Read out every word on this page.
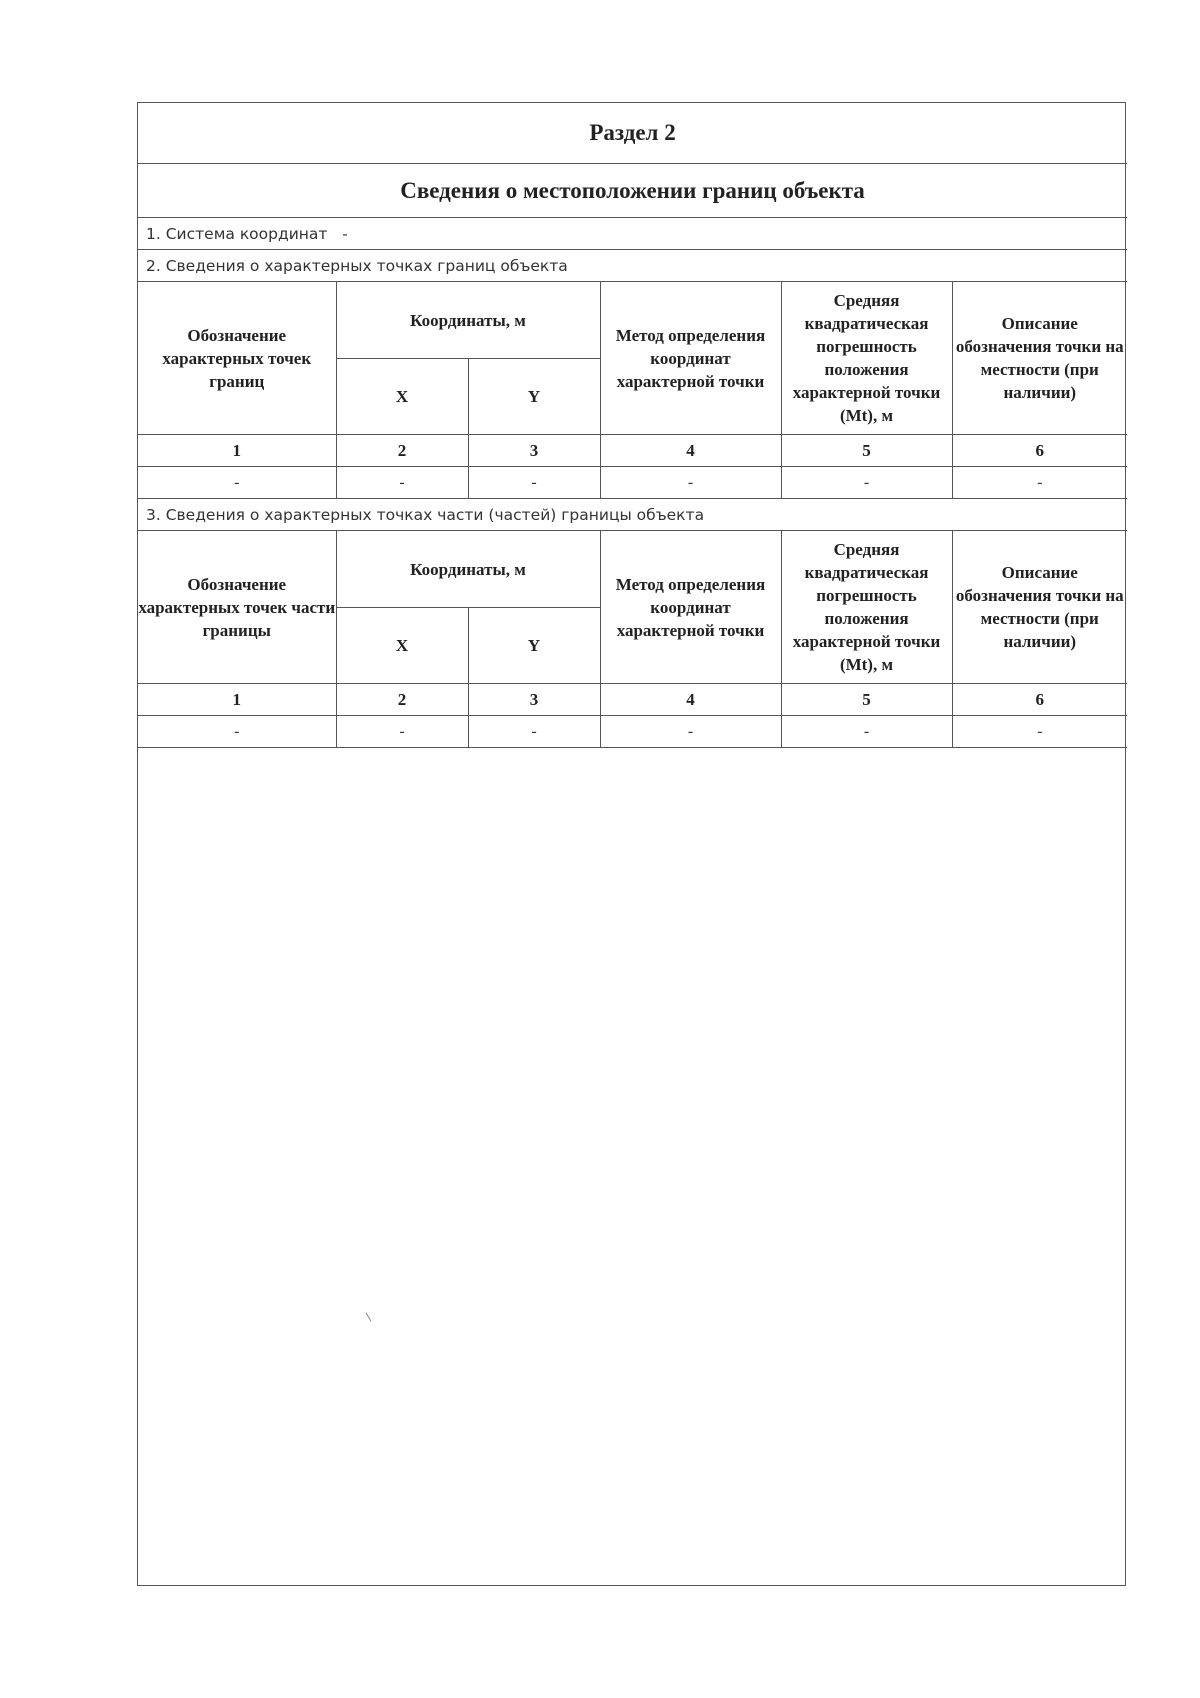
Раздел 2					
Сведения о местоположении границ объекта					
1. Система координат -					
2. Сведения о характерных точках границ объекта					
Обозначение характерных точек границ	Координаты, м		Метод определения координат характерной точки	Средняя квадратическая погрешность положения характерной точки (Mt), м	Описание обозначения точки на местности (при наличии)
	X	Y			
1	2	3	4	5	6
-	-	-	-	-	-
3. Сведения о характерных точках части (частей) границы объекта					
Обозначение характерных точек части границы	Координаты, м		Метод определения координат характерной точки	Средняя квадратическая погрешность положения характерной точки (Mt), м	Описание обозначения точки на местности (при наличии)
	X	Y			
1	2	3	4	5	6
-	-	-	-	-	-
